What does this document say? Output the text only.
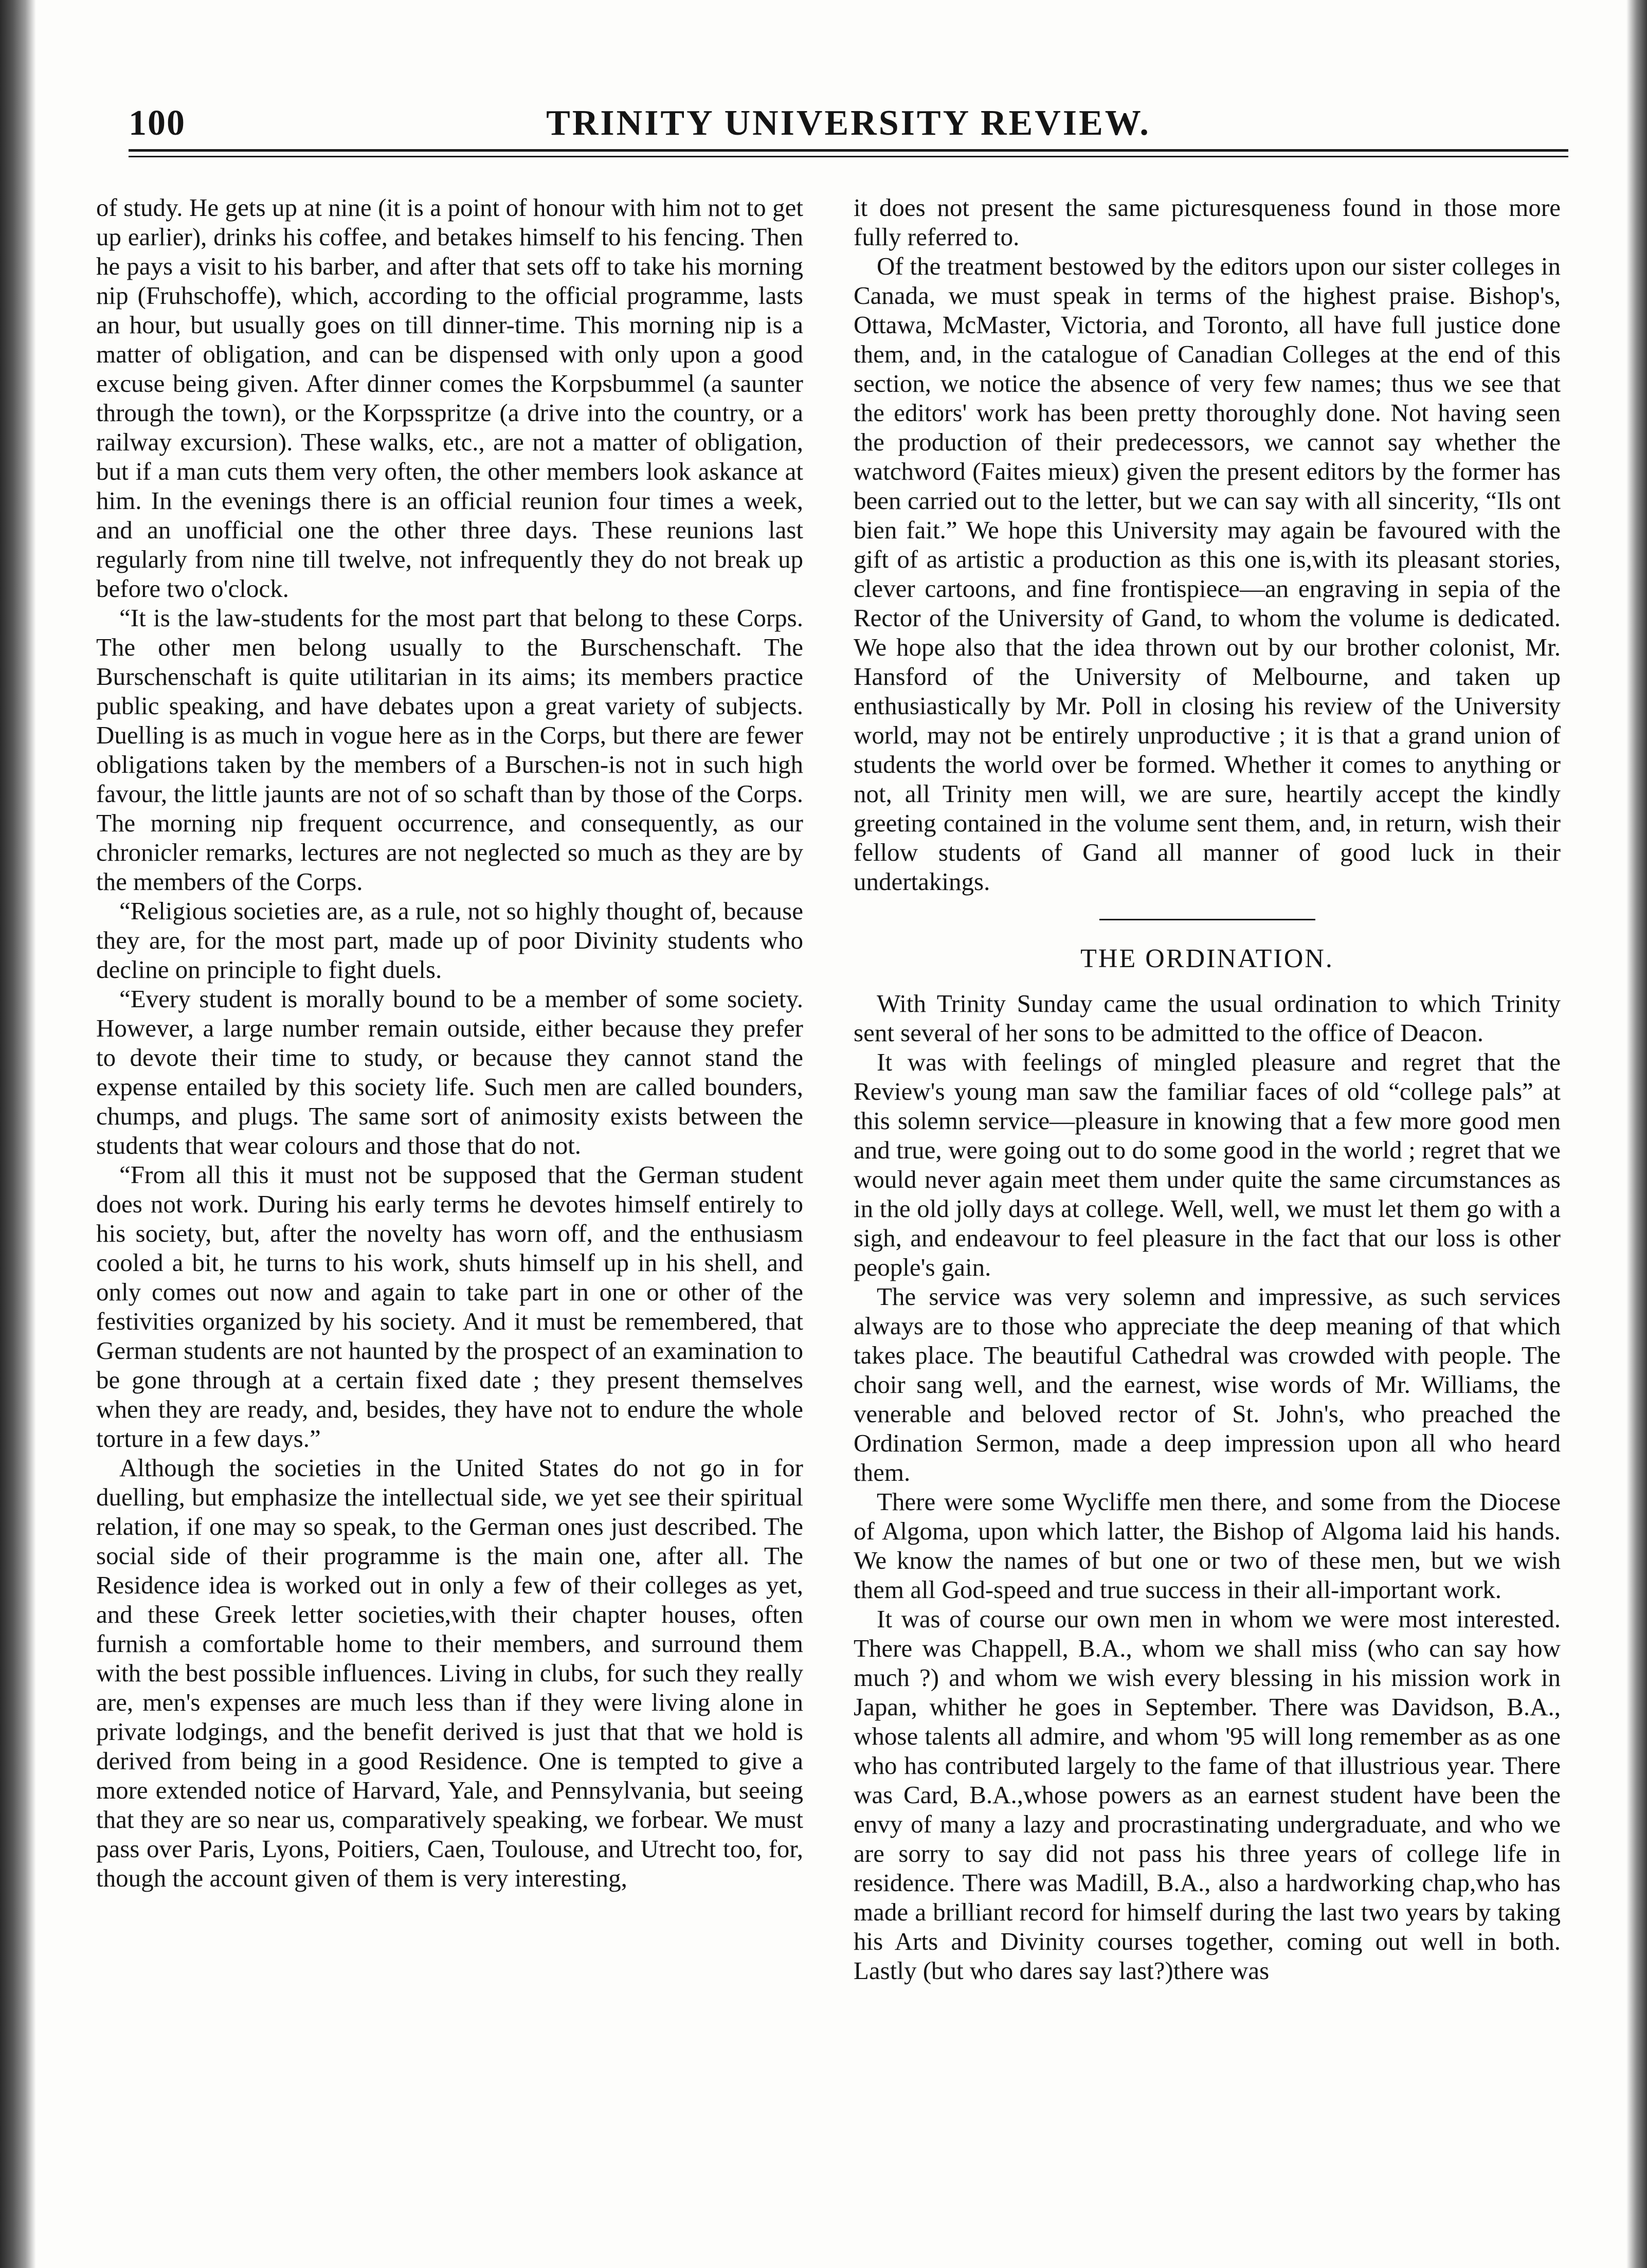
100	TRINITY UNIVERSITY REVIEW.

of study. He gets up at nine (it is a point of honour with him not to get up earlier), drinks his coffee, and betakes himself to his fencing. Then he pays a visit to his barber, and after that sets off to take his morning nip (Fruhschoffe), which, according to the official programme, lasts an hour, but usually goes on till dinner-time. This morning nip is a matter of obligation, and can be dispensed with only upon a good excuse being given. After dinner comes the Korpsbummel (a saunter through the town), or the Korpsspritze (a drive into the country, or a railway excursion). These walks, etc., are not a matter of obligation, but if a man cuts them very often, the other members look askance at him. In the evenings there is an official reunion four times a week, and an unofficial one the other three days. These reunions last regularly from nine till twelve, not infrequently they do not break up before two o'clock.

“It is the law-students for the most part that belong to these Corps. The other men belong usually to the Burschenschaft. The Burschenschaft is quite utilitarian in its aims; its members practice public speaking, and have debates upon a great variety of subjects. Duelling is as much in vogue here as in the Corps, but there are fewer obligations taken by the members of a Burschen-is not in such high favour, the little jaunts are not of so schaft than by those of the Corps. The morning nip frequent occurrence, and consequently, as our chronicler remarks, lectures are not neglected so much as they are by the members of the Corps.

“Religious societies are, as a rule, not so highly thought of, because they are, for the most part, made up of poor Divinity students who decline on principle to fight duels.

“Every student is morally bound to be a member of some society. However, a large number remain outside, either because they prefer to devote their time to study, or because they cannot stand the expense entailed by this society life. Such men are called bounders, chumps, and plugs. The same sort of animosity exists between the students that wear colours and those that do not.

“From all this it must not be supposed that the German student does not work. During his early terms he devotes himself entirely to his society, but, after the novelty has worn off, and the enthusiasm cooled a bit, he turns to his work, shuts himself up in his shell, and only comes out now and again to take part in one or other of the festivities organized by his society. And it must be remembered, that German students are not haunted by the prospect of an examination to be gone through at a certain fixed date ; they present themselves when they are ready, and, besides, they have not to endure the whole torture in a few days.”

Although the societies in the United States do not go in for duelling, but emphasize the intellectual side, we yet see their spiritual relation, if one may so speak, to the German ones just described. The social side of their programme is the main one, after all. The Residence idea is worked out in only a few of their colleges as yet, and these Greek letter societies,with their chapter houses, often furnish a comfortable home to their members, and surround them with the best possible influences. Living in clubs, for such they really are, men's expenses are much less than if they were living alone in private lodgings, and the benefit derived is just that that we hold is derived from being in a good Residence. One is tempted to give a more extended notice of Harvard, Yale, and Pennsylvania, but seeing that they are so near us, comparatively speaking, we forbear. We must pass over Paris, Lyons, Poitiers, Caen, Toulouse, and Utrecht too, for, though the account given of them is very interesting,

it does not present the same picturesqueness found in those more fully referred to.

Of the treatment bestowed by the editors upon our sister colleges in Canada, we must speak in terms of the highest praise. Bishop's, Ottawa, McMaster, Victoria, and Toronto, all have full justice done them, and, in the catalogue of Canadian Colleges at the end of this section, we notice the absence of very few names; thus we see that the editors' work has been pretty thoroughly done. Not having seen the production of their predecessors, we cannot say whether the watchword (Faites mieux) given the present editors by the former has been carried out to the letter, but we can say with all sincerity, “Ils ont bien fait.” We hope this University may again be favoured with the gift of as artistic a production as this one is,with its pleasant stories, clever cartoons, and fine frontispiece—an engraving in sepia of the Rector of the University of Gand, to whom the volume is dedicated. We hope also that the idea thrown out by our brother colonist, Mr. Hansford of the University of Melbourne, and taken up enthusiastically by Mr. Poll in closing his review of the University world, may not be entirely unproductive ; it is that a grand union of students the world over be formed. Whether it comes to anything or not, all Trinity men will, we are sure, heartily accept the kindly greeting contained in the volume sent them, and, in return, wish their fellow students of Gand all manner of good luck in their undertakings.

THE ORDINATION.

With Trinity Sunday came the usual ordination to which Trinity sent several of her sons to be admitted to the office of Deacon.

It was with feelings of mingled pleasure and regret that the Review's young man saw the familiar faces of old “college pals” at this solemn service—pleasure in knowing that a few more good men and true, were going out to do some good in the world ; regret that we would never again meet them under quite the same circumstances as in the old jolly days at college. Well, well, we must let them go with a sigh, and endeavour to feel pleasure in the fact that our loss is other people's gain.

The service was very solemn and impressive, as such services always are to those who appreciate the deep meaning of that which takes place. The beautiful Cathedral was crowded with people. The choir sang well, and the earnest, wise words of Mr. Williams, the venerable and beloved rector of St. John's, who preached the Ordination Sermon, made a deep impression upon all who heard them.

There were some Wycliffe men there, and some from the Diocese of Algoma, upon which latter, the Bishop of Algoma laid his hands. We know the names of but one or two of these men, but we wish them all God-speed and true success in their all-important work.

It was of course our own men in whom we were most interested. There was Chappell, B.A., whom we shall miss (who can say how much ?) and whom we wish every blessing in his mission work in Japan, whither he goes in September. There was Davidson, B.A., whose talents all admire, and whom '95 will long remember as as one who has contributed largely to the fame of that illustrious year. There was Card, B.A.,whose powers as an earnest student have been the envy of many a lazy and procrastinating undergraduate, and who we are sorry to say did not pass his three years of college life in residence. There was Madill, B.A., also a hardworking chap,who has made a brilliant record for himself during the last two years by taking his Arts and Divinity courses together, coming out well in both. Lastly (but who dares say last?)there was
